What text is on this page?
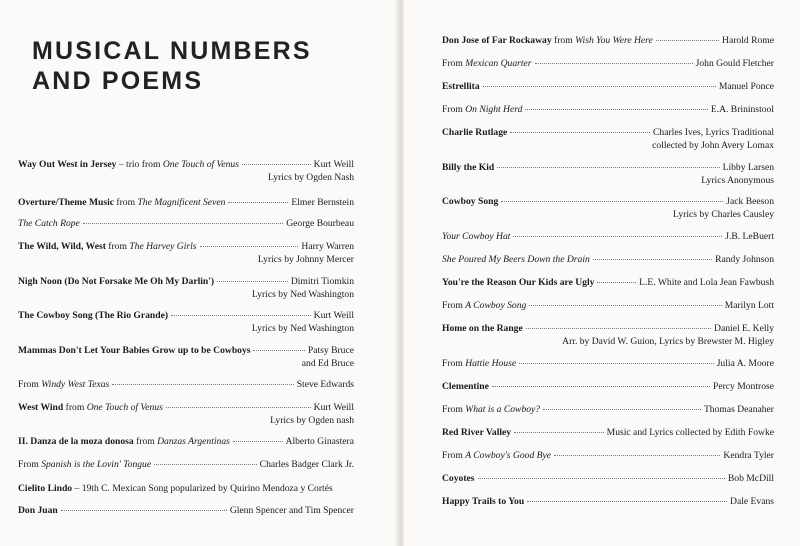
MUSICAL NUMBERS
AND POEMS
Way Out West in Jersey – trio from One Touch of Venus	Kurt Weill
Lyrics by Ogden Nash
Overture/Theme Music from The Magnificent Seven	Elmer Bernstein
The Catch Rope	George Bourbeau
The Wild, Wild, West from The Harvey Girls	Harry Warren
Lyrics by Johnny Mercer
Nigh Noon (Do Not Forsake Me Oh My Darlin')	Dimitri Tiomkin
Lyrics by Ned Washington
The Cowboy Song (The Rio Grande)	Kurt Weill
Lyrics by Ned Washington
Mammas Don't Let Your Babies Grow up to be Cowboys	Patsy Bruce
and Ed Bruce
From Windy West Texas	Steve Edwards
West Wind from One Touch of Venus	Kurt Weill
Lyrics by Ogden nash
II. Danza de la moza donosa from Danzas Argentinas	Alberto Ginastera
From Spanish is the Lovin' Tongue	Charles Badger Clark Jr.
Cielito Lindo – 19th C. Mexican Song popularized by Quirino Mendoza y Cortés
Don Juan	Glenn Spencer and Tim Spencer
Don Jose of Far Rockaway from Wish You Were Here	Harold Rome
From Mexican Quarter	John Gould Fletcher
Estrellita	Manuel Ponce
From On Night Herd	E.A. Brininstool
Charlie Rutlage	Charles Ives, Lyrics Traditional
collected by John Avery Lomax
Billy the Kid	Libby Larsen
Lyrics Anonymous
Cowboy Song	Jack Beeson
Lyrics by Charles Causley
Your Cowboy Hat	J.B. LeBuert
She Poured My Beers Down the Drain	Randy Johnson
You're the Reason Our Kids are Ugly	L.E. White and Lola Jean Fawbush
From A Cowboy Song	Marilyn Lott
Home on the Range	Daniel E. Kelly
Arr. by David W. Guion, Lyrics by Brewster M. Higley
From Hattie House	Julia A. Moore
Clementine	Percy Montrose
From What is a Cowboy?	Thomas Deanaher
Red River Valley	Music and Lyrics collected by Edith Fowke
From A Cowboy's Good Bye	Kendra Tyler
Coyotes	Bob McDill
Happy Trails to You	Dale Evans
